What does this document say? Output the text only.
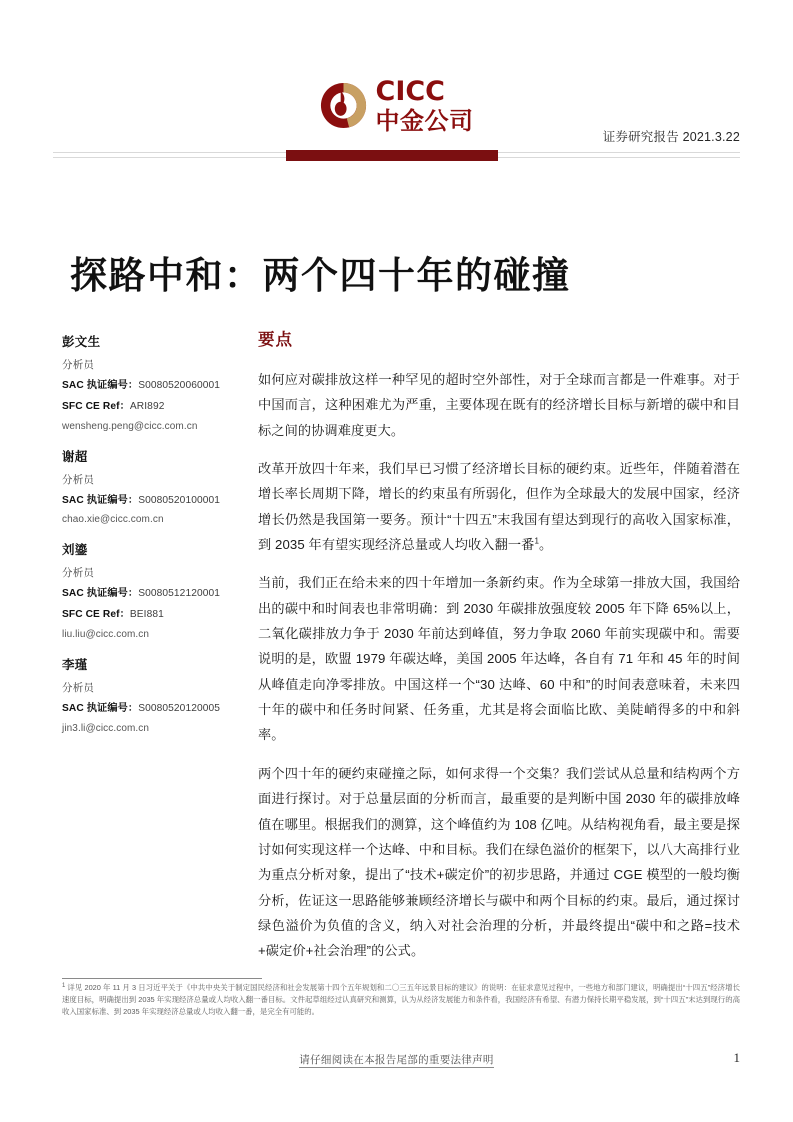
CICC
中金公司
证券研究报告 2021.3.22
探路中和：两个四十年的碰撞
彭文生
分析员
SAC 执证编号：S0080520060001
SFC CE Ref：ARI892
wensheng.peng@cicc.com.cn
谢超
分析员
SAC 执证编号：S0080520100001
chao.xie@cicc.com.cn
刘鎏
分析员
SAC 执证编号：S0080512120001
SFC CE Ref：BEI881
liu.liu@cicc.com.cn
李瑾
分析员
SAC 执证编号：S0080520120005
jin3.li@cicc.com.cn
要点

如何应对碳排放这样一种罕见的超时空外部性，对于全球而言都是一件难事。对于中国而言，这种困难尤为严重，主要体现在既有的经济增长目标与新增的碳中和目标之间的协调难度更大。

改革开放四十年来，我们早已习惯了经济增长目标的硬约束。近些年，伴随着潜在增长率长周期下降，增长的约束虽有所弱化，但作为全球最大的发展中国家，经济增长仍然是我国第一要务。预计“十四五”末我国有望达到现行的高收入国家标准，到 2035 年有望实现经济总量或人均收入翻一番$^1$。

当前，我们正在给未来的四十年增加一条新约束。作为全球第一排放大国，我国给出的碳中和时间表也非常明确：到 2030 年碳排放强度较 2005 年下降 65%以上，二氧化碳排放力争于 2030 年前达到峰值，努力争取 2060 年前实现碳中和。需要说明的是，欧盟 1979 年碳达峰，美国 2005 年达峰，各自有 71 年和 45 年的时间从峰值走向净零排放。中国这样一个“30 达峰、60 中和”的时间表意味着，未来四十年的碳中和任务时间紧、任务重，尤其是将会面临比欧、美陡峭得多的中和斜率。

两个四十年的硬约束碰撞之际，如何求得一个交集？我们尝试从总量和结构两个方面进行探讨。对于总量层面的分析而言，最重要的是判断中国 2030 年的碳排放峰值在哪里。根据我们的测算，这个峰值约为 108 亿吨。从结构视角看，最主要是探讨如何实现这样一个达峰、中和目标。我们在绿色溢价的框架下，以八大高排行业为重点分析对象，提出了“技术+碳定价”的初步思路，并通过 CGE 模型的一般均衡分析，佐证这一思路能够兼顾经济增长与碳中和两个目标的约束。最后，通过探讨绿色溢价为负值的含义，纳入对社会治理的分析，并最终提出“碳中和之路=技术+碳定价+社会治理”的公式。

$^1$ 详见 2020 年 11 月 3 日习近平关于《中共中央关于制定国民经济和社会发展第十四个五年规划和二〇三五年远景目标的建议》的说明：在征求意见过程中，一些地方和部门建议，明确提出“十四五”经济增长速度目标，明确提出到 2035 年实现经济总量或人均收入翻一番目标。文件起草组经过认真研究和测算，认为从经济发展能力和条件看，我国经济有希望、有潜力保持长期平稳发展，到“十四五”末达到现行的高收入国家标准、到 2035 年实现经济总量或人均收入翻一番，是完全有可能的。
请仔细阅读在本报告尾部的重要法律声明	1
